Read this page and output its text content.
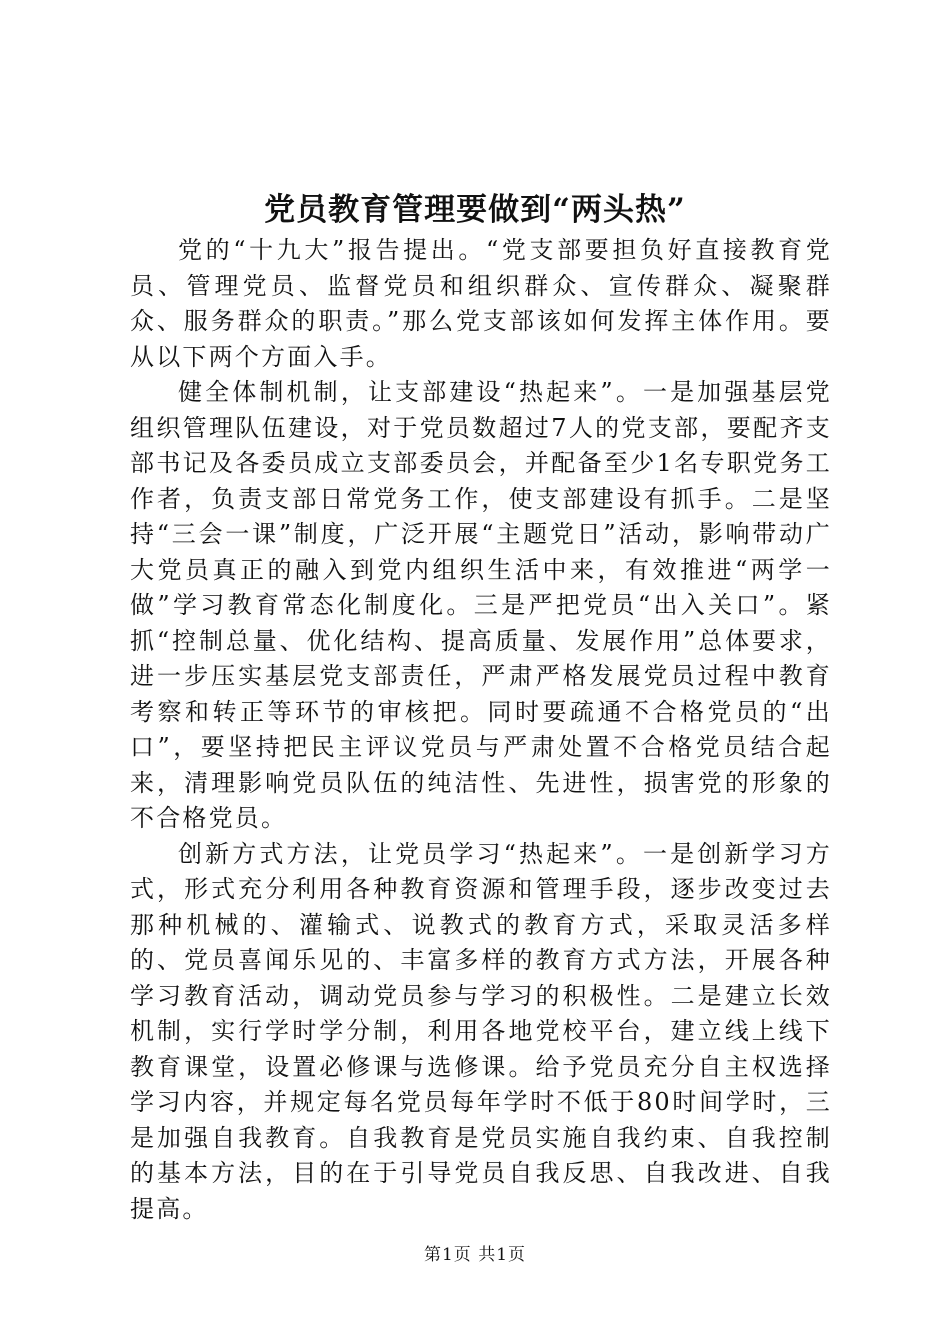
党员教育管理要做到“两头热”

党的“十九大”报告提出。“党支部要担负好直接教育党员、管理党员、监督党员和组织群众、宣传群众、凝聚群众、服务群众的职责。”那么党支部该如何发挥主体作用。要从以下两个方面入手。

健全体制机制，让支部建设“热起来”。一是加强基层党组织管理队伍建设，对于党员数超过7人的党支部，要配齐支部书记及各委员成立支部委员会，并配备至少1名专职党务工作者，负责支部日常党务工作，使支部建设有抓手。二是坚持“三会一课”制度，广泛开展“主题党日”活动，影响带动广大党员真正的融入到党内组织生活中来，有效推进“两学一做”学习教育常态化制度化。三是严把党员“出入关口”。紧抓“控制总量、优化结构、提高质量、发展作用”总体要求，进一步压实基层党支部责任，严肃严格发展党员过程中教育考察和转正等环节的审核把。同时要疏通不合格党员的“出口”，要坚持把民主评议党员与严肃处置不合格党员结合起来，清理影响党员队伍的纯洁性、先进性，损害党的形象的不合格党员。

创新方式方法，让党员学习“热起来”。一是创新学习方式，形式充分利用各种教育资源和管理手段，逐步改变过去那种机械的、灌输式、说教式的教育方式，采取灵活多样的、党员喜闻乐见的、丰富多样的教育方式方法，开展各种学习教育活动，调动党员参与学习的积极性。二是建立长效机制，实行学时学分制，利用各地党校平台，建立线上线下教育课堂，设置必修课与选修课。给予党员充分自主权选择学习内容，并规定每名党员每年学时不低于80时间学时，三是加强自我教育。自我教育是党员实施自我约束、自我控制的基本方法，目的在于引导党员自我反思、自我改进、自我提高。

第1页 共1页
